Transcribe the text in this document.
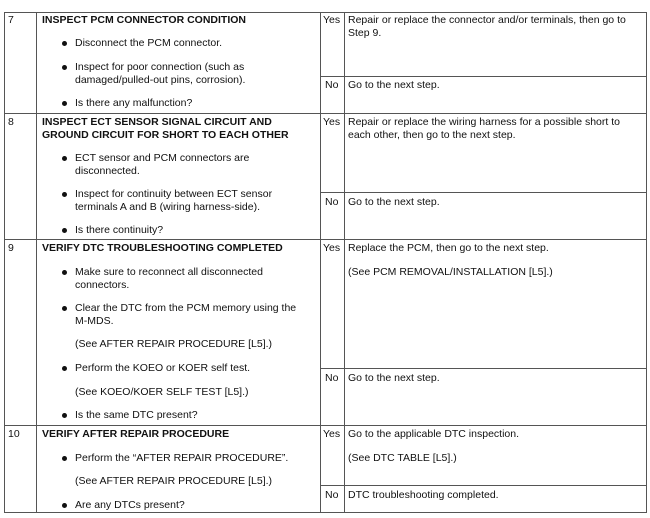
7	INSPECT PCM CONNECTOR CONDITION
Disconnect the PCM connector.
Inspect for poor connection (such as
damaged/pulled-out pins, corrosion).
Is there any malfunction?
Yes Repair or replace the connector and/or terminals, then go to
Step 9.
No Go to the next step.
8	INSPECT ECT SENSOR SIGNAL CIRCUIT AND
GROUND CIRCUIT FOR SHORT TO EACH OTHER
ECT sensor and PCM connectors are
disconnected.
Inspect for continuity between ECT sensor
terminals A and B (wiring harness-side).
Is there continuity?
Yes Repair or replace the wiring harness for a possible short to
each other, then go to the next step.
No Go to the next step.
9	VERIFY DTC TROUBLESHOOTING COMPLETED
Make sure to reconnect all disconnected
connectors.
Clear the DTC from the PCM memory using the
M-MDS.
(See AFTER REPAIR PROCEDURE [L5].)
Perform the KOEO or KOER self test.
(See KOEO/KOER SELF TEST [L5].)
Is the same DTC present?
Yes Replace the PCM, then go to the next step.
(See PCM REMOVAL/INSTALLATION [L5].)
No Go to the next step.
10 VERIFY AFTER REPAIR PROCEDURE
Perform the “AFTER REPAIR PROCEDURE”.
(See AFTER REPAIR PROCEDURE [L5].)
Are any DTCs present?
Yes Go to the applicable DTC inspection.
(See DTC TABLE [L5].)
No DTC troubleshooting completed.
